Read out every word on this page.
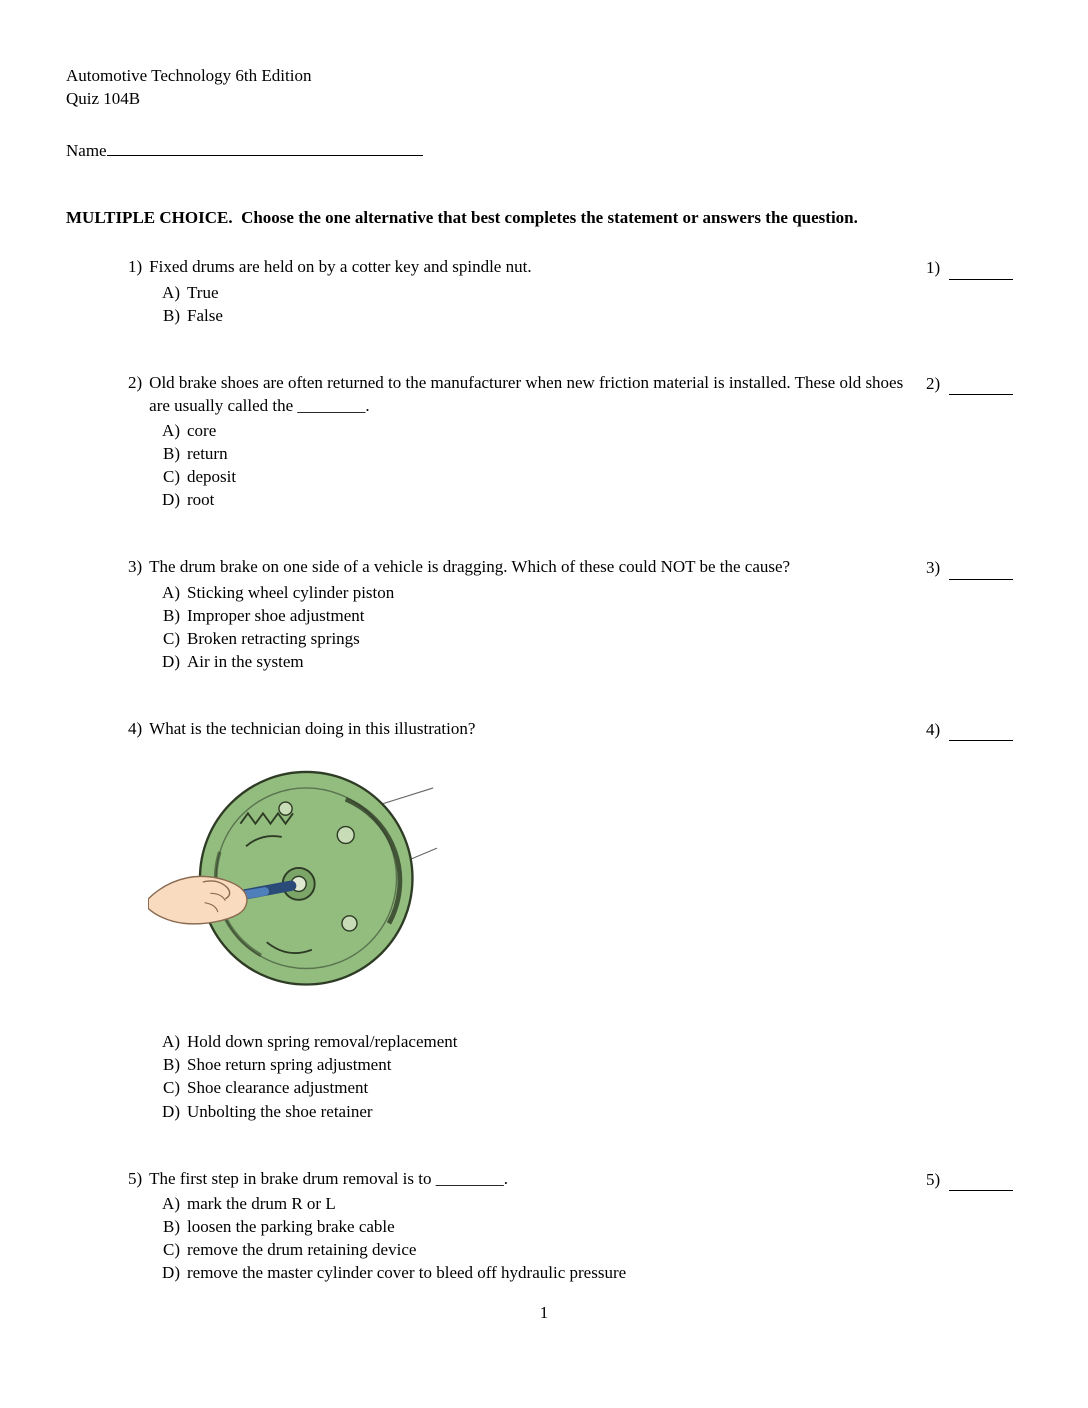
Automotive Technology 6th Edition
Quiz 104B
Name
MULTIPLE CHOICE.  Choose the one alternative that best completes the statement or answers the question.
1) Fixed drums are held on by a cotter key and spindle nut.
A) True
B) False
1)
2) Old brake shoes are often returned to the manufacturer when new friction material is installed. These old shoes are usually called the ________.
A) core
B) return
C) deposit
D) root
2)
3) The drum brake on one side of a vehicle is dragging. Which of these could NOT be the cause?
A) Sticking wheel cylinder piston
B) Improper shoe adjustment
C) Broken retracting springs
D) Air in the system
3)
4) What is the technician doing in this illustration?
A) Hold down spring removal/replacement
B) Shoe return spring adjustment
C) Shoe clearance adjustment
D) Unbolting the shoe retainer
4)
5) The first step in brake drum removal is to ________.
A) mark the drum R or L
B) loosen the parking brake cable
C) remove the drum retaining device
D) remove the master cylinder cover to bleed off hydraulic pressure
5)
1
